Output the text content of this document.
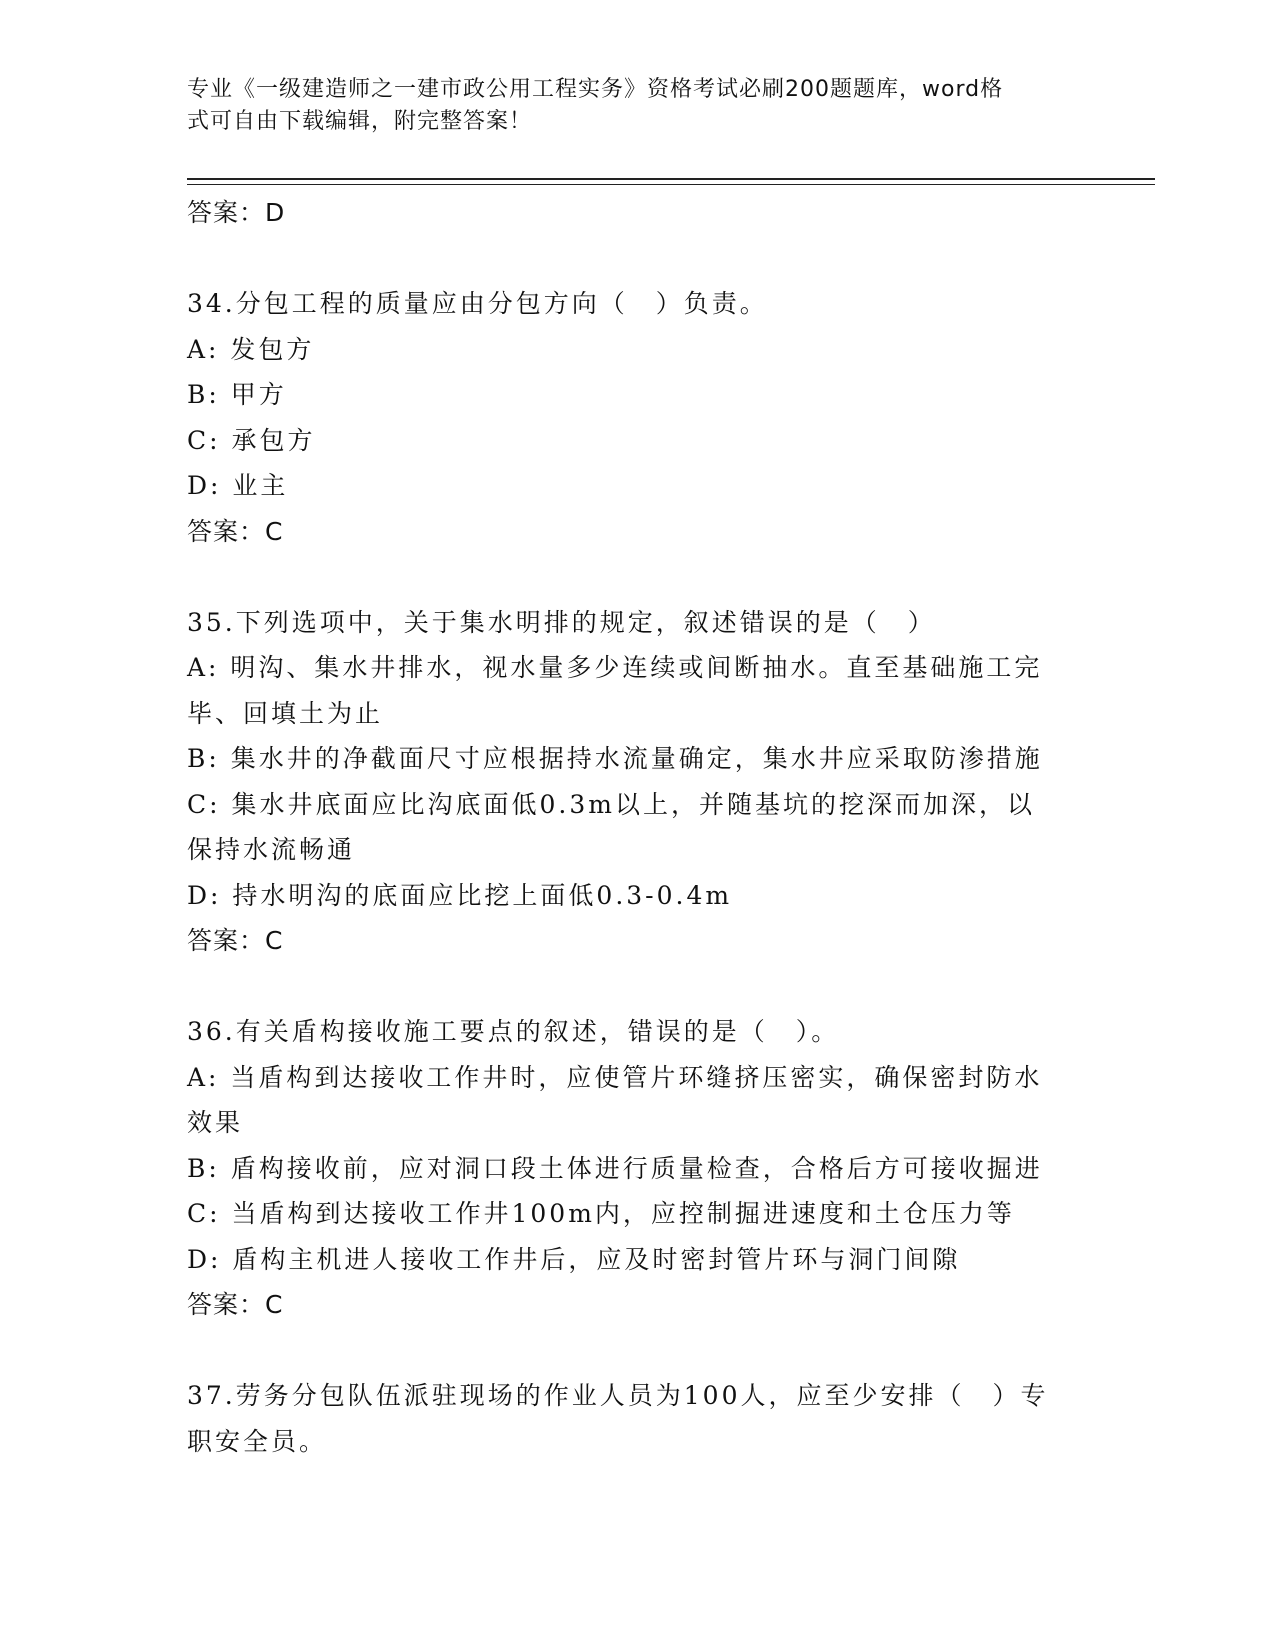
专业《一级建造师之一建市政公用工程实务》资格考试必刷200题题库，word格
式可自由下载编辑，附完整答案！
答案：D
34.分包工程的质量应由分包方向（　）负责。
A: 发包方
B: 甲方
C: 承包方
D: 业主
答案：C
35.下列选项中，关于集水明排的规定，叙述错误的是（　）
A: 明沟、集水井排水，视水量多少连续或间断抽水。直至基础施工完
毕、回填土为止
B: 集水井的净截面尺寸应根据持水流量确定，集水井应采取防渗措施
C: 集水井底面应比沟底面低0.3m以上，并随基坑的挖深而加深，以
保持水流畅通
D: 持水明沟的底面应比挖上面低0.3-0.4m
答案：C
36.有关盾构接收施工要点的叙述，错误的是（　）。
A: 当盾构到达接收工作井时，应使管片环缝挤压密实，确保密封防水
效果
B: 盾构接收前，应对洞口段土体进行质量检查，合格后方可接收掘进
C: 当盾构到达接收工作井100m内，应控制掘进速度和土仓压力等
D: 盾构主机进人接收工作井后，应及时密封管片环与洞门间隙
答案：C
37.劳务分包队伍派驻现场的作业人员为100人，应至少安排（　）专
职安全员。
